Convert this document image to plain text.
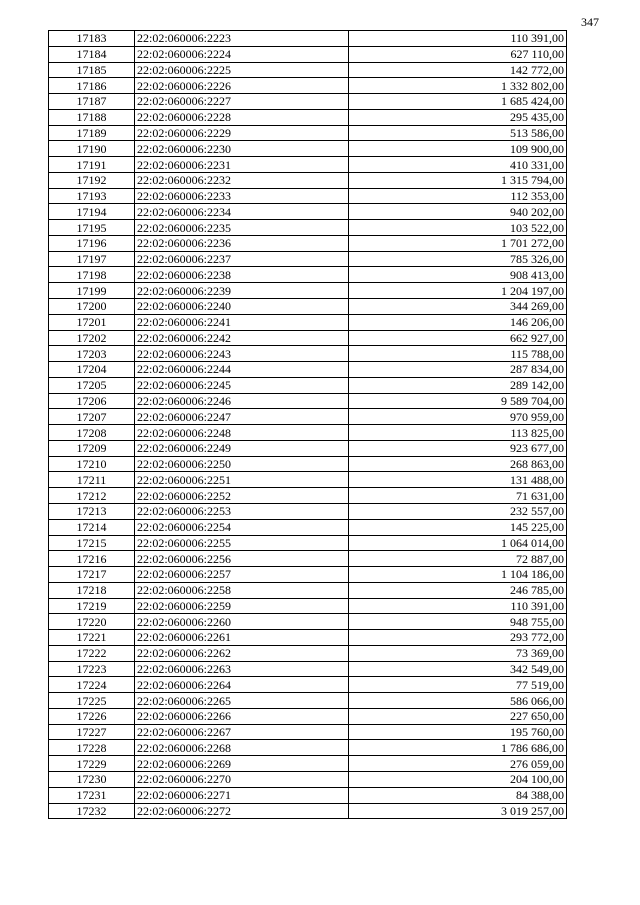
347
17183	22:02:060006:2223	110 391,00
17184	22:02:060006:2224	627 110,00
17185	22:02:060006:2225	142 772,00
17186	22:02:060006:2226	1 332 802,00
17187	22:02:060006:2227	1 685 424,00
17188	22:02:060006:2228	295 435,00
17189	22:02:060006:2229	513 586,00
17190	22:02:060006:2230	109 900,00
17191	22:02:060006:2231	410 331,00
17192	22:02:060006:2232	1 315 794,00
17193	22:02:060006:2233	112 353,00
17194	22:02:060006:2234	940 202,00
17195	22:02:060006:2235	103 522,00
17196	22:02:060006:2236	1 701 272,00
17197	22:02:060006:2237	785 326,00
17198	22:02:060006:2238	908 413,00
17199	22:02:060006:2239	1 204 197,00
17200	22:02:060006:2240	344 269,00
17201	22:02:060006:2241	146 206,00
17202	22:02:060006:2242	662 927,00
17203	22:02:060006:2243	115 788,00
17204	22:02:060006:2244	287 834,00
17205	22:02:060006:2245	289 142,00
17206	22:02:060006:2246	9 589 704,00
17207	22:02:060006:2247	970 959,00
17208	22:02:060006:2248	113 825,00
17209	22:02:060006:2249	923 677,00
17210	22:02:060006:2250	268 863,00
17211	22:02:060006:2251	131 488,00
17212	22:02:060006:2252	71 631,00
17213	22:02:060006:2253	232 557,00
17214	22:02:060006:2254	145 225,00
17215	22:02:060006:2255	1 064 014,00
17216	22:02:060006:2256	72 887,00
17217	22:02:060006:2257	1 104 186,00
17218	22:02:060006:2258	246 785,00
17219	22:02:060006:2259	110 391,00
17220	22:02:060006:2260	948 755,00
17221	22:02:060006:2261	293 772,00
17222	22:02:060006:2262	73 369,00
17223	22:02:060006:2263	342 549,00
17224	22:02:060006:2264	77 519,00
17225	22:02:060006:2265	586 066,00
17226	22:02:060006:2266	227 650,00
17227	22:02:060006:2267	195 760,00
17228	22:02:060006:2268	1 786 686,00
17229	22:02:060006:2269	276 059,00
17230	22:02:060006:2270	204 100,00
17231	22:02:060006:2271	84 388,00
17232	22:02:060006:2272	3 019 257,00
